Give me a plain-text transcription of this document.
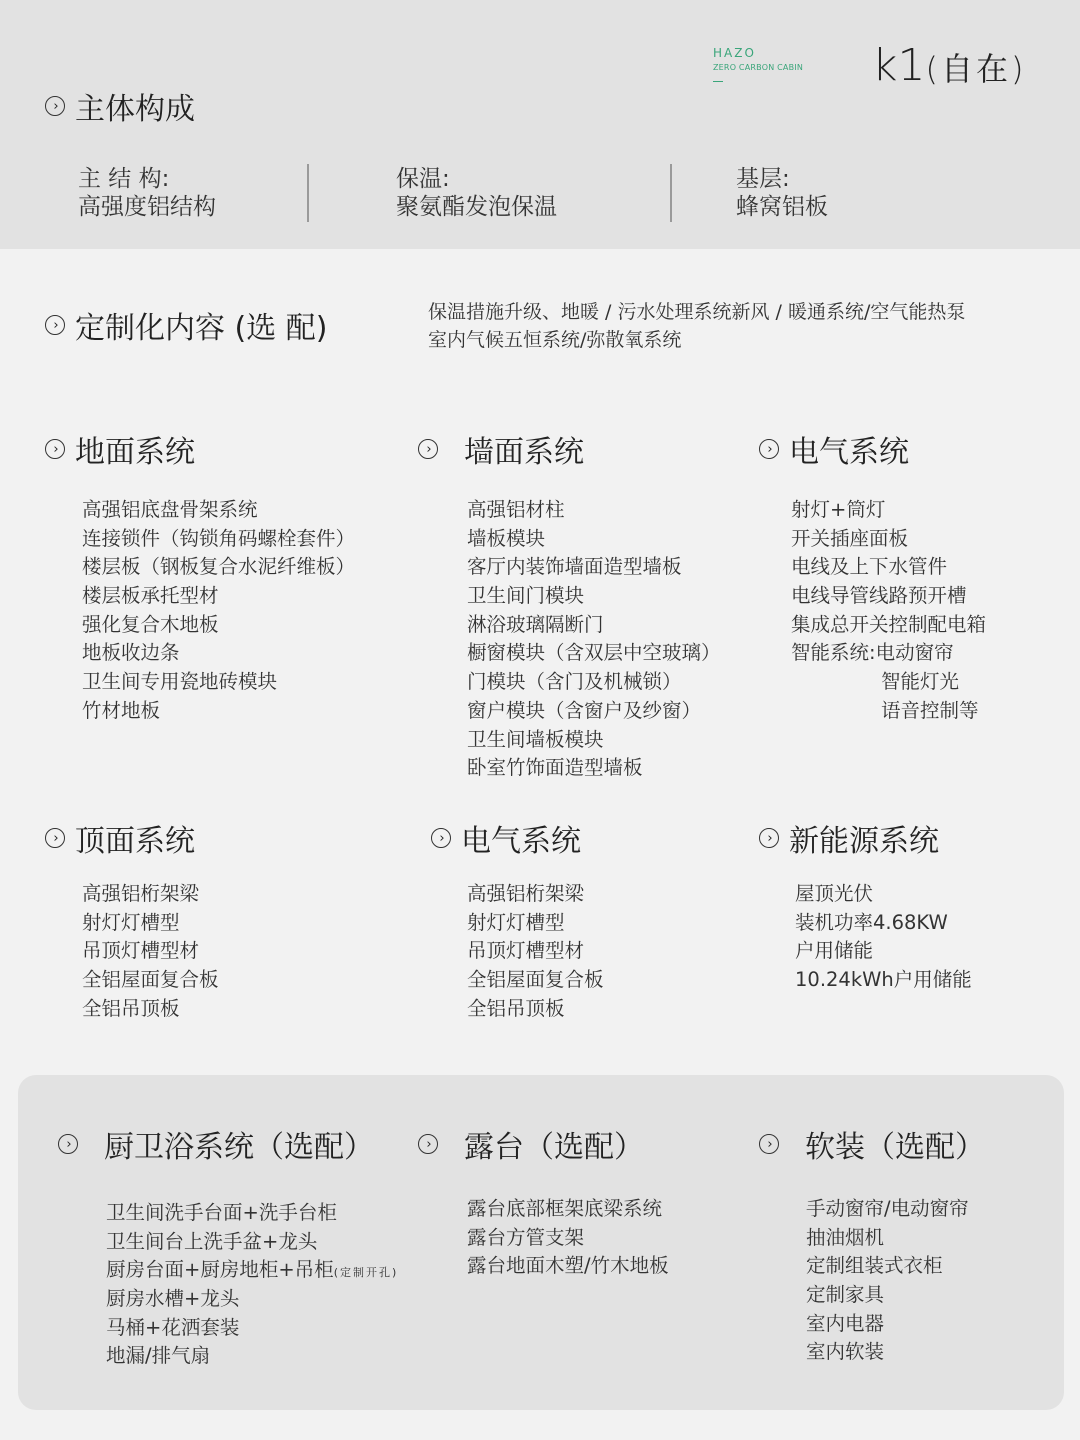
HAZO
ZERO CARBON CABIN k1(自在)
› 主体构成
主 结 构:
高强度铝结构
保温:
聚氨酯发泡保温
基层:
蜂窝铝板
› 定制化内容 (选 配)	保温措施升级、地暖 / 污水处理系统新风 / 暖通系统/空气能热泵
室内气候五恒系统/弥散氧系统
› 地面系统
高强铝底盘骨架系统
连接锁件（钩锁角码螺栓套件）
楼层板（钢板复合水泥纤维板）
楼层板承托型材
强化复合木地板
地板收边条
卫生间专用瓷地砖模块
竹材地板
› 墙面系统
高强铝材柱
墙板模块
客厅内装饰墙面造型墙板
卫生间门模块
淋浴玻璃隔断门
橱窗模块（含双层中空玻璃）
门模块（含门及机械锁）
窗户模块（含窗户及纱窗）
卫生间墙板模块
卧室竹饰面造型墙板
› 电气系统
射灯+筒灯
开关插座面板
电线及上下水管件
电线导管线路预开槽
集成总开关控制配电箱
智能系统:电动窗帘
智能灯光
语音控制等
› 顶面系统
高强铝桁架梁
射灯灯槽型
吊顶灯槽型材
全铝屋面复合板
全铝吊顶板
› 电气系统
高强铝桁架梁
射灯灯槽型
吊顶灯槽型材
全铝屋面复合板
全铝吊顶板
› 新能源系统
屋顶光伏
装机功率4.68KW
户用储能
10.24kWh户用储能
› 厨卫浴系统（选配）
卫生间洗手台面+洗手台柜
卫生间台上洗手盆+龙头
厨房台面+厨房地柜+吊柜(定制开孔)
厨房水槽+龙头
马桶+花洒套装
地漏/排气扇
› 露台（选配）
露台底部框架底梁系统
露台方管支架
露台地面木塑/竹木地板
› 软装（选配）
手动窗帘/电动窗帘
抽油烟机
定制组装式衣柜
定制家具
室内电器
室内软装
